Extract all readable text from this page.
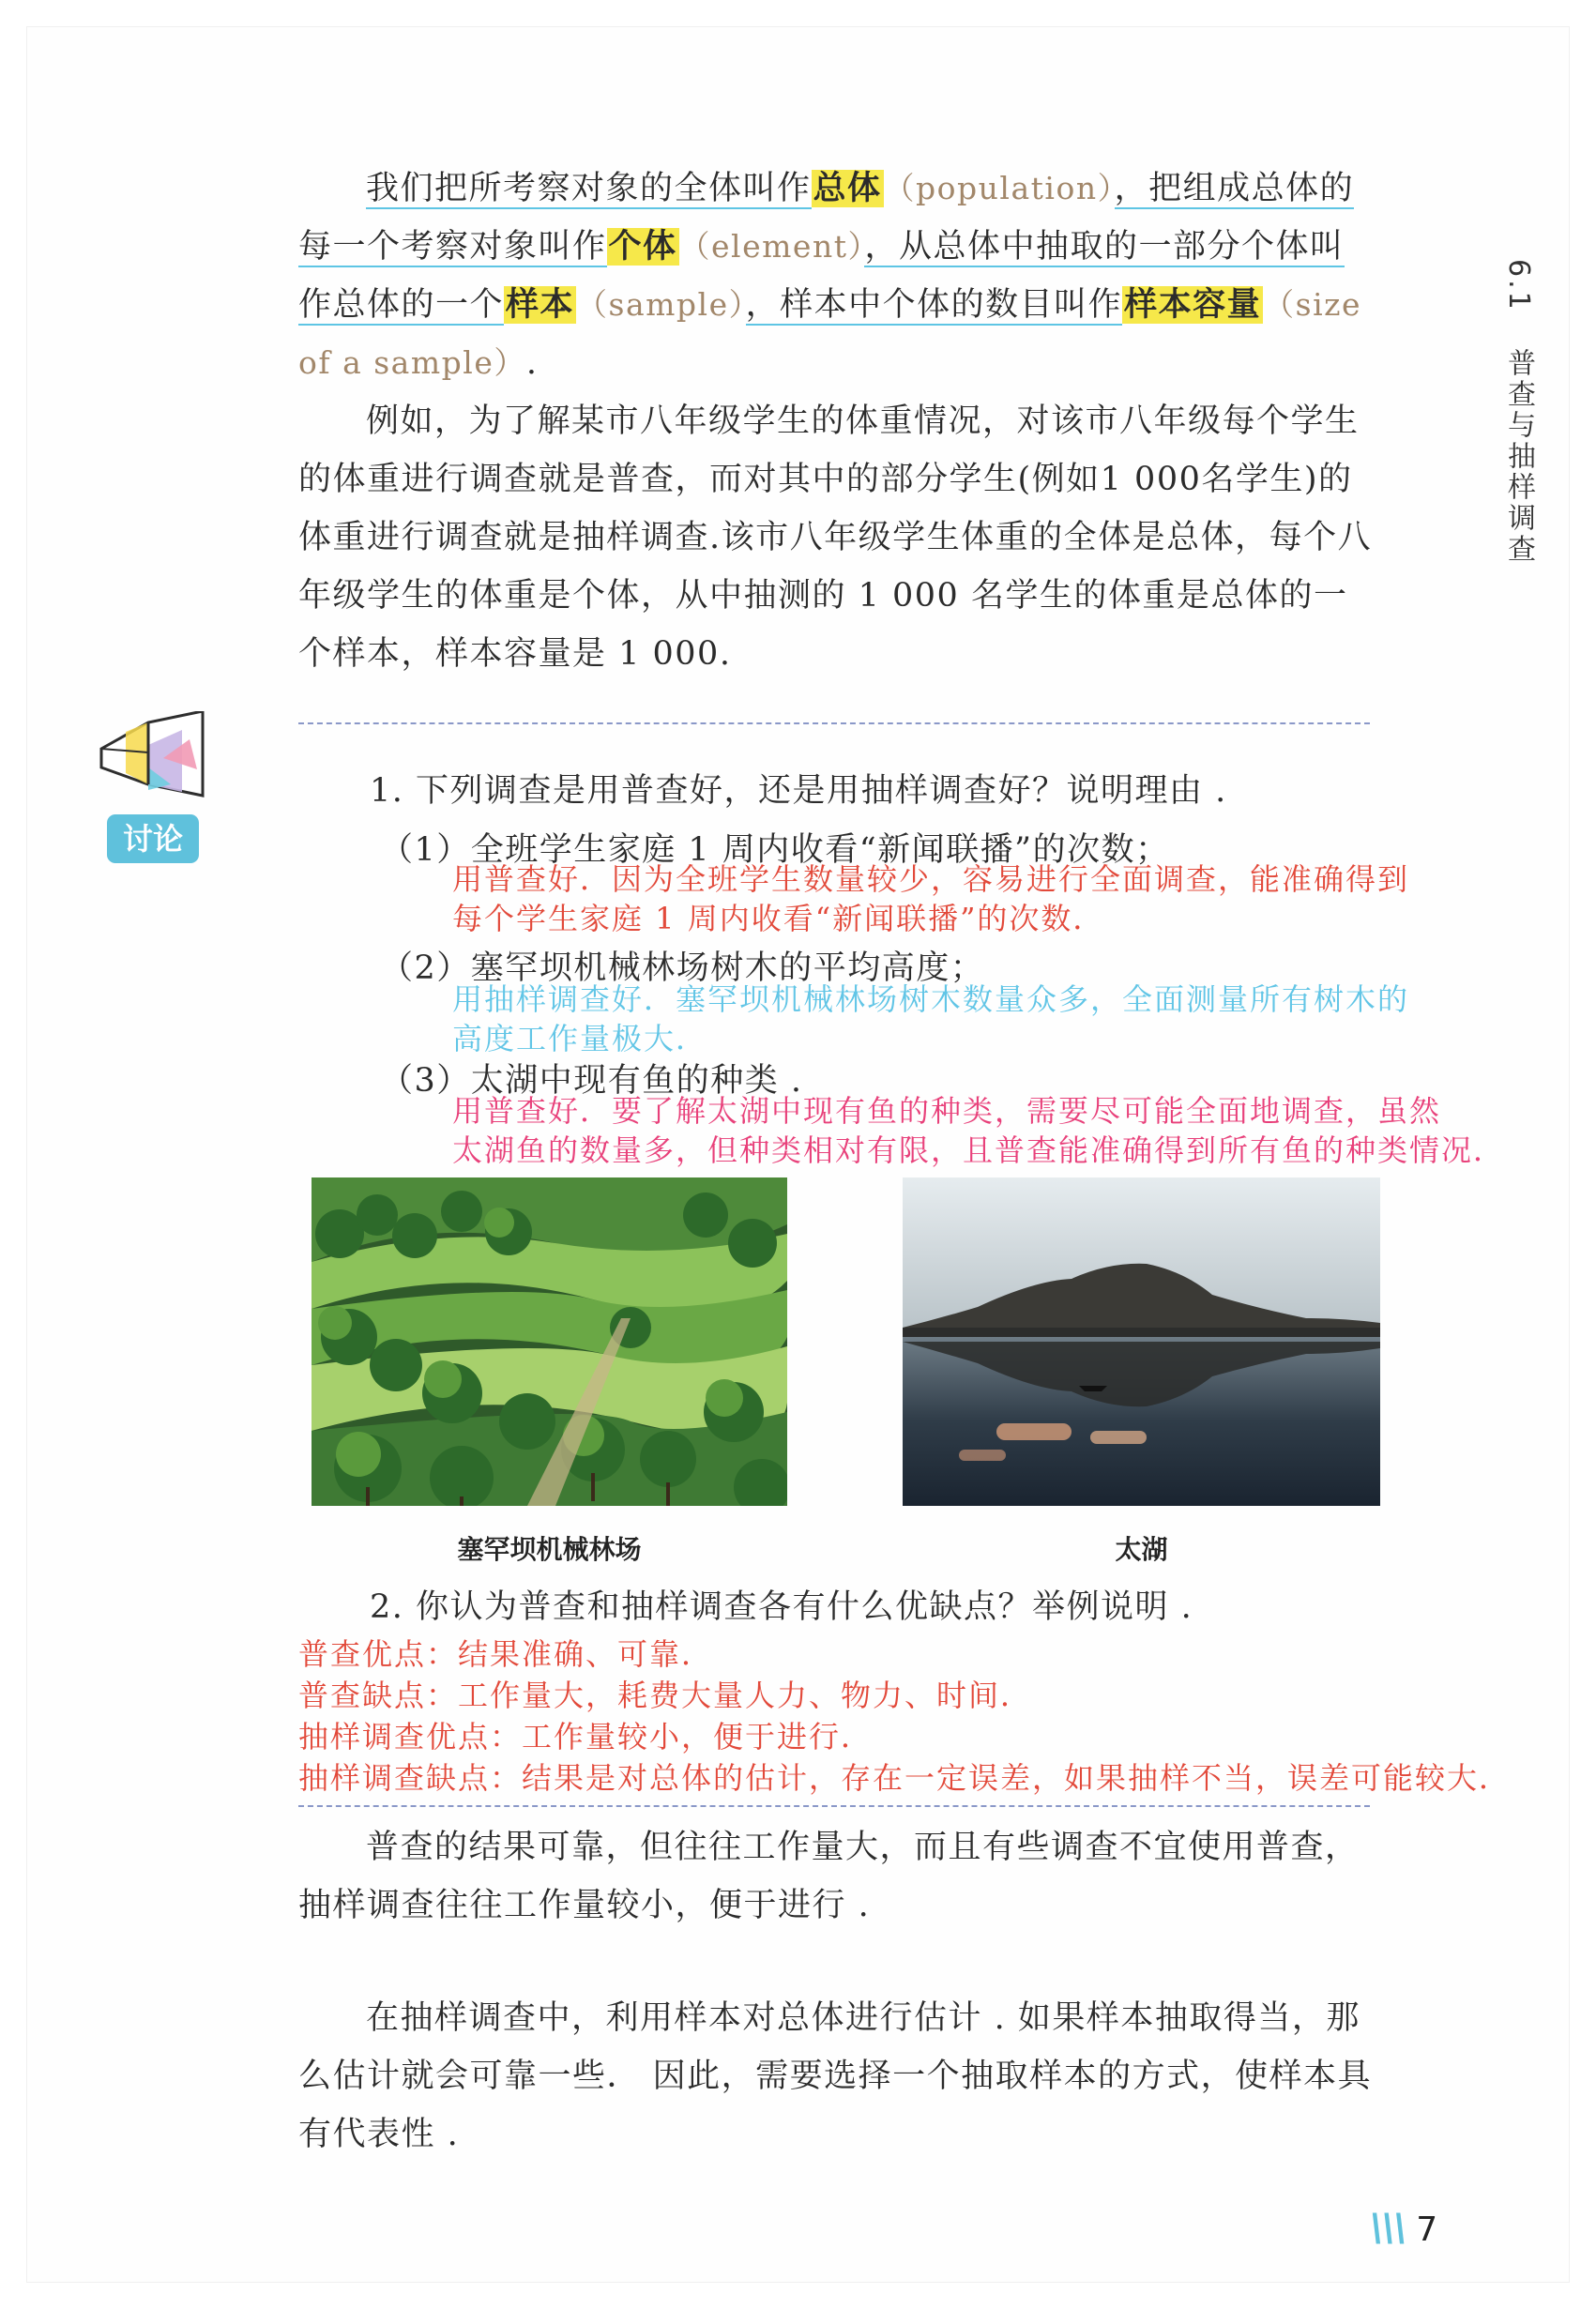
6.1 普查与抽样调查

我们把所考察对象的全体叫作总体（population），把组成总体的每一个考察对象叫作个体（element），从总体中抽取的一部分个体叫作总体的一个样本（sample），样本中个体的数目叫作样本容量（size of a sample）.

例如，为了解某市八年级学生的体重情况，对该市八年级每个学生的体重进行调查就是普查，而对其中的部分学生(例如1 000名学生)的体重进行调查就是抽样调查.该市八年级学生体重的全体是总体，每个八年级学生的体重是个体，从中抽测的 1 000 名学生的体重是总体的一个样本，样本容量是 1 000.

讨论

1. 下列调查是用普查好，还是用抽样调查好？说明理由 .

（1）全班学生家庭 1 周内收看“新闻联播”的次数；

用普查好．因为全班学生数量较少，容易进行全面调查，能准确得到

每个学生家庭 1 周内收看“新闻联播”的次数．

（2）塞罕坝机械林场树木的平均高度；

用抽样调查好．塞罕坝机械林场树木数量众多，全面测量所有树木的

高度工作量极大．

（3）太湖中现有鱼的种类 .

用普查好．要了解太湖中现有鱼的种类，需要尽可能全面地调查，虽然

太湖鱼的数量多，但种类相对有限，且普查能准确得到所有鱼的种类情况．

塞罕坝机械林场	太湖

2. 你认为普查和抽样调查各有什么优缺点？举例说明 .

普查优点：结果准确、可靠．

普查缺点：工作量大，耗费大量人力、物力、时间．

抽样调查优点：工作量较小，便于进行．

抽样调查缺点：结果是对总体的估计，存在一定误差，如果抽样不当，误差可能较大．

普查的结果可靠，但往往工作量大，而且有些调查不宜使用普查，抽样调查往往工作量较小，便于进行 .

在抽样调查中，利用样本对总体进行估计 . 如果样本抽取得当，那么估计就会可靠一些． 因此，需要选择一个抽取样本的方式，使样本具有代表性 .

\\\ 7
